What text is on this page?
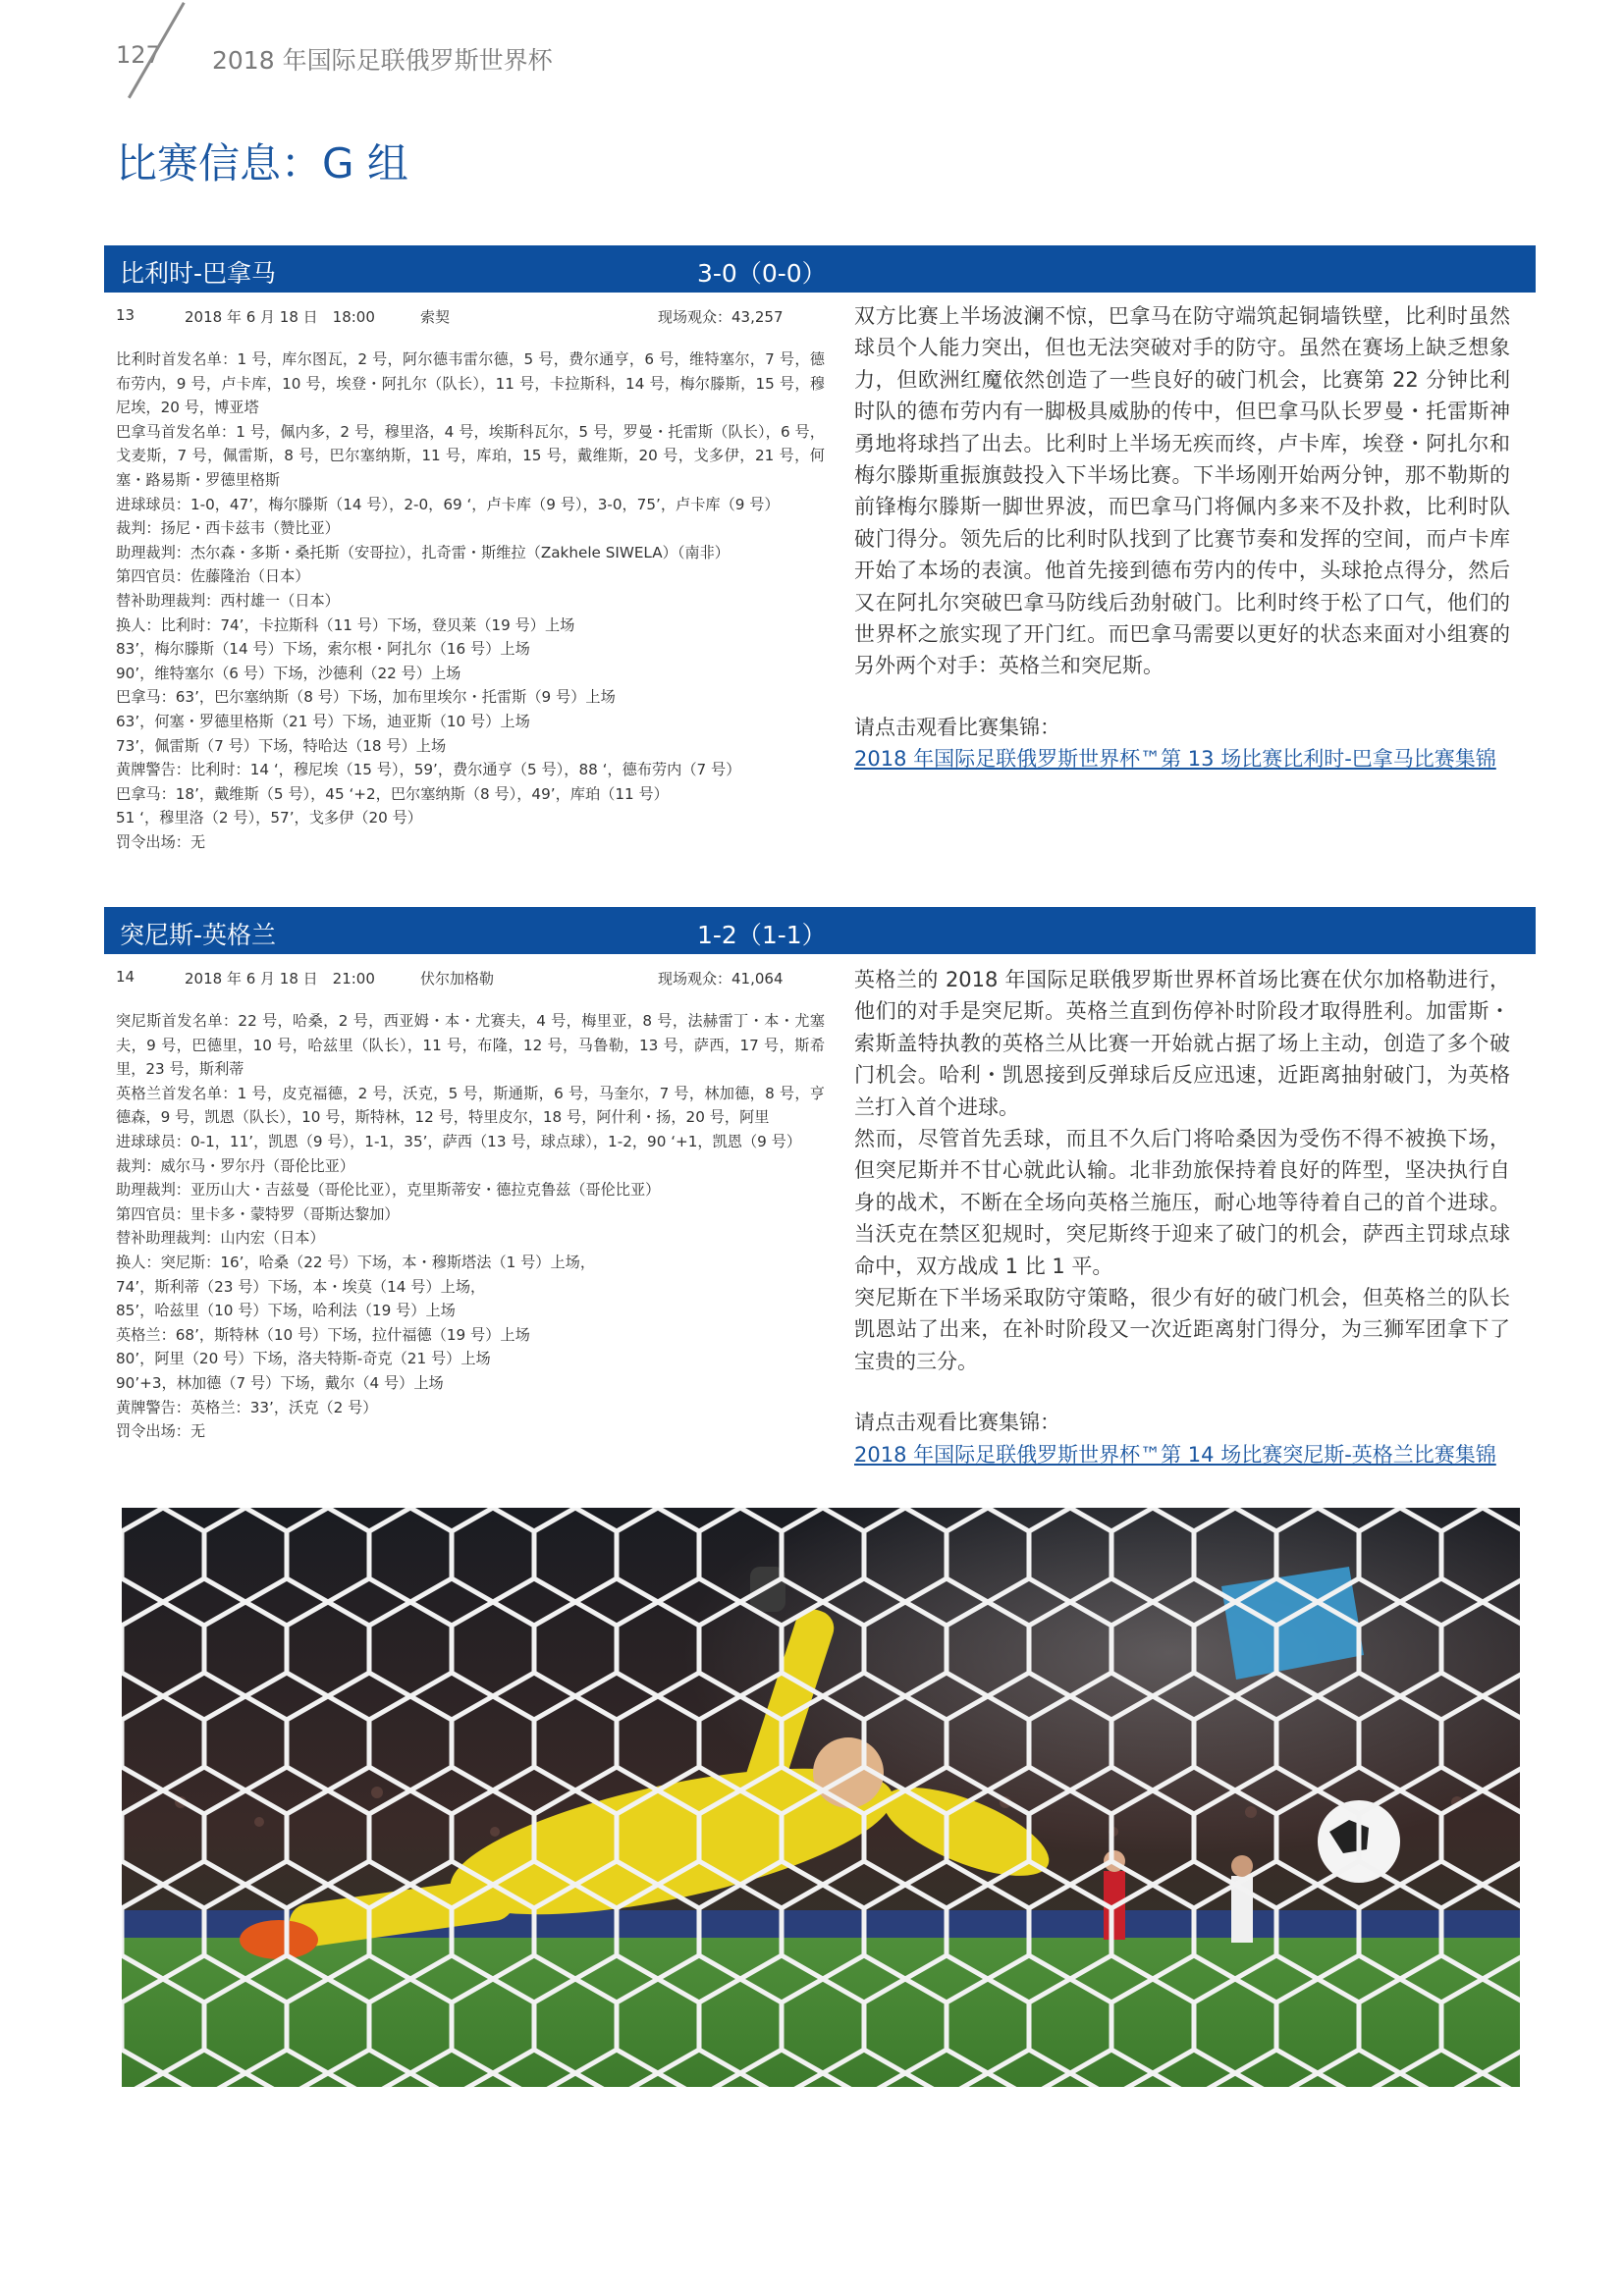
127 2018 年国际足联俄罗斯世界杯
比赛信息：G 组
比利时-巴拿马	3-0（0-0）
13	2018 年 6 月 18 日　18:00	索契	现场观众：43,257

比利时首发名单：1 号，库尔图瓦，2 号，阿尔德韦雷尔德，5 号，费尔通亨，6 号，维特塞尔，7 号，德布劳内，9 号，卢卡库，10 号，埃登・阿扎尔（队长），11 号，卡拉斯科，14 号，梅尔滕斯，15 号，穆尼埃，20 号，博亚塔

巴拿马首发名单：1 号，佩内多，2 号，穆里洛，4 号，埃斯科瓦尔，5 号，罗曼・托雷斯（队长），6 号，戈麦斯，7 号，佩雷斯，8 号，巴尔塞纳斯，11 号，库珀，15 号，戴维斯，20 号，戈多伊，21 号，何塞・路易斯・罗德里格斯

进球球员：1-0，47’，梅尔滕斯（14 号），2-0，69 ‘，卢卡库（9 号），3-0，75’，卢卡库（9 号）

裁判：扬尼・西卡兹韦（赞比亚）

助理裁判：杰尔森・多斯・桑托斯（安哥拉），扎奇雷・斯维拉（Zakhele SIWELA）（南非）

第四官员：佐藤隆治（日本）

替补助理裁判：西村雄一（日本）

换人：比利时：74’，卡拉斯科（11 号）下场，登贝莱（19 号）上场

83’，梅尔滕斯（14 号）下场，索尔根・阿扎尔（16 号）上场

90’，维特塞尔（6 号）下场，沙德利（22 号）上场

巴拿马：63’，巴尔塞纳斯（8 号）下场，加布里埃尔・托雷斯（9 号）上场

63’，何塞・罗德里格斯（21 号）下场，迪亚斯（10 号）上场

73’，佩雷斯（7 号）下场，特哈达（18 号）上场

黄牌警告：比利时：14 ‘，穆尼埃（15 号），59’，费尔通亨（5 号），88 ‘，德布劳内（7 号）

巴拿马：18’，戴维斯（5 号），45 ‘+2，巴尔塞纳斯（8 号），49’，库珀（11 号）

51 ‘，穆里洛（2 号），57’，戈多伊（20 号）

罚令出场：无

双方比赛上半场波澜不惊，巴拿马在防守端筑起铜墙铁壁，比利时虽然球员个人能力突出，但也无法突破对手的防守。虽然在赛场上缺乏想象力，但欧洲红魔依然创造了一些良好的破门机会，比赛第 22 分钟比利时队的德布劳内有一脚极具威胁的传中，但巴拿马队长罗曼・托雷斯神勇地将球挡了出去。比利时上半场无疾而终，卢卡库，埃登・阿扎尔和梅尔滕斯重振旗鼓投入下半场比赛。下半场刚开始两分钟，那不勒斯的前锋梅尔滕斯一脚世界波，而巴拿马门将佩内多来不及扑救，比利时队破门得分。领先后的比利时队找到了比赛节奏和发挥的空间，而卢卡库开始了本场的表演。他首先接到德布劳内的传中，头球抢点得分，然后又在阿扎尔突破巴拿马防线后劲射破门。比利时终于松了口气，他们的世界杯之旅实现了开门红。而巴拿马需要以更好的状态来面对小组赛的另外两个对手：英格兰和突尼斯。

请点击观看比赛集锦：

2018 年国际足联俄罗斯世界杯™第 13 场比赛比利时-巴拿马比赛集锦

突尼斯-英格兰	1-2（1-1）
14	2018 年 6 月 18 日　21:00	伏尔加格勒	现场观众：41,064

突尼斯首发名单：22 号，哈桑，2 号，西亚姆・本・尤赛夫，4 号，梅里亚，8 号，法赫雷丁・本・尤塞夫，9 号，巴德里，10 号，哈兹里（队长），11 号，布隆，12 号，马鲁勒，13 号，萨西，17 号，斯希里，23 号，斯利蒂

英格兰首发名单：1 号，皮克福德，2 号，沃克，5 号，斯通斯，6 号，马奎尔，7 号，林加德，8 号，亨德森，9 号，凯恩（队长），10 号，斯特林，12 号，特里皮尔，18 号，阿什利・扬，20 号，阿里

进球球员：0-1，11’，凯恩（9 号），1-1，35’，萨西（13 号，球点球），1-2，90 ‘+1，凯恩（9 号）

裁判：威尔马・罗尔丹（哥伦比亚）

助理裁判：亚历山大・吉兹曼（哥伦比亚），克里斯蒂安・德拉克鲁兹（哥伦比亚）

第四官员：里卡多・蒙特罗（哥斯达黎加）

替补助理裁判：山内宏（日本）

换人：突尼斯：16’，哈桑（22 号）下场，本・穆斯塔法（1 号）上场，

74’，斯利蒂（23 号）下场，本・埃莫（14 号）上场，

85’，哈兹里（10 号）下场，哈利法（19 号）上场

英格兰：68’，斯特林（10 号）下场，拉什福德（19 号）上场

80’，阿里（20 号）下场，洛夫特斯-奇克（21 号）上场

90’+3，林加德（7 号）下场，戴尔（4 号）上场

黄牌警告：英格兰：33’，沃克（2 号）

罚令出场：无

英格兰的 2018 年国际足联俄罗斯世界杯首场比赛在伏尔加格勒进行，他们的对手是突尼斯。英格兰直到伤停补时阶段才取得胜利。加雷斯・索斯盖特执教的英格兰从比赛一开始就占据了场上主动，创造了多个破门机会。哈利・凯恩接到反弹球后反应迅速，近距离抽射破门，为英格兰打入首个进球。

然而，尽管首先丢球，而且不久后门将哈桑因为受伤不得不被换下场，但突尼斯并不甘心就此认输。北非劲旅保持着良好的阵型，坚决执行自身的战术，不断在全场向英格兰施压，耐心地等待着自己的首个进球。当沃克在禁区犯规时，突尼斯终于迎来了破门的机会，萨西主罚球点球命中，双方战成 1 比 1 平。

突尼斯在下半场采取防守策略，很少有好的破门机会，但英格兰的队长凯恩站了出来，在补时阶段又一次近距离射门得分，为三狮军团拿下了宝贵的三分。

请点击观看比赛集锦：

2018 年国际足联俄罗斯世界杯™第 14 场比赛突尼斯-英格兰比赛集锦
